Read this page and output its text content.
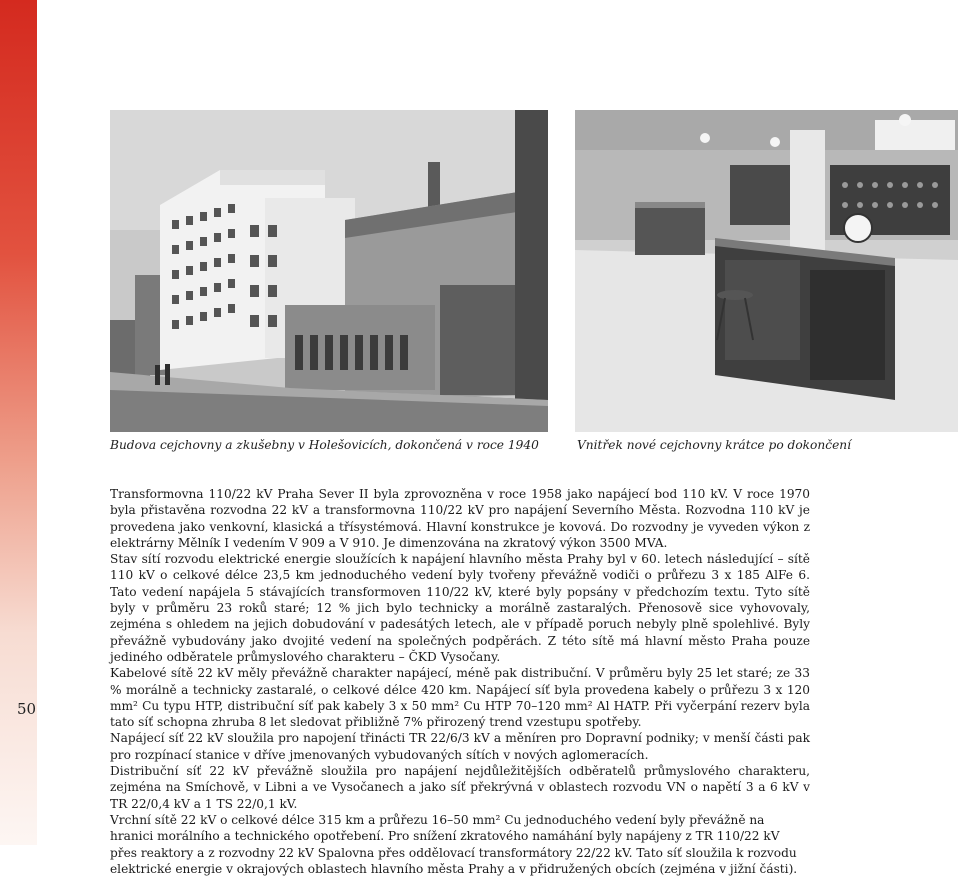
50
Budova cejchovny a zkušebny v Holešovicích, dokončená v roce 1940	Vnitřek nové cejchovny krátce po dokončení

Transformovna 110/22 kV Praha Sever II byla zprovozněna v roce 1958 jako napájecí bod 110 kV. V roce 1970 byla přistavěna rozvodna 22 kV a transformovna 110/22 kV pro napájení Severního Města. Rozvodna 110 kV je provedena jako venkovní, klasická a třísystémová. Hlavní konstrukce je kovová. Do rozvodny je vyveden výkon z elektrárny Mělník I vedením V 909 a V 910. Je dimenzována na zkratový výkon 3500 MVA.

Stav sítí rozvodu elektrické energie sloužících k napájení hlavního města Prahy byl v 60. letech následující – sítě 110 kV o celkové délce 23,5 km jednoduchého vedení byly tvořeny převážně vodiči o průřezu 3 x 185 AlFe 6. Tato vedení napájela 5 stávajících transformoven 110/22 kV, které byly popsány v předchozím textu. Tyto sítě byly v průměru 23 roků staré; 12 % jich bylo technicky a morálně zastaralých. Přenosově sice vyhovovaly, zejména s ohledem na jejich dobudování v padesátých letech, ale v případě poruch nebyly plně spolehlivé. Byly převážně vybudovány jako dvojité vedení na společných podpěrách. Z této sítě má hlavní město Praha pouze jediného odběratele průmyslového charakteru – ČKD Vysočany.

Kabelové sítě 22 kV měly převážně charakter napájecí, méně pak distribuční. V průměru byly 25 let staré; ze 33 % morálně a technicky zastaralé, o celkové délce 420 km. Napájecí síť byla provedena kabely o průřezu 3 x 120 mm² Cu typu HTP, distribuční síť pak kabely 3 x 50 mm² Cu HTP 70–120 mm² Al HATP. Při vyčerpání rezerv byla tato síť schopna zhruba 8 let sledovat přibližně 7% přirozený trend vzestupu spotřeby.

Napájecí síť 22 kV sloužila pro napojení třinácti TR 22/6/3 kV a měníren pro Dopravní podniky; v menší části pak pro rozpínací stanice v dříve jmenovaných vybudovaných sítích v nových aglomeracích.

Distribuční síť 22 kV převážně sloužila pro napájení nejdůležitějších odběratelů průmyslového charakteru, zejména na Smíchově, v Libni a ve Vysočanech a jako síť překrývná v oblastech rozvodu VN o napětí 3 a 6 kV v TR 22/0,4 kV a 1 TS 22/0,1 kV.

Vrchní sítě 22 kV o celkové délce 315 km a průřezu 16–50 mm² Cu jednoduchého vedení byly převážně na hranici morálního a technického opotřebení. Pro snížení zkratového namáhání byly napájeny z TR 110/22 kV přes reaktory a z rozvodny 22 kV Spalovna přes oddělovací transformátory 22/22 kV. Tato síť sloužila k rozvodu elektrické energie v okrajových oblastech hlavního města Prahy a v přidružených obcích (zejména v jižní části).
